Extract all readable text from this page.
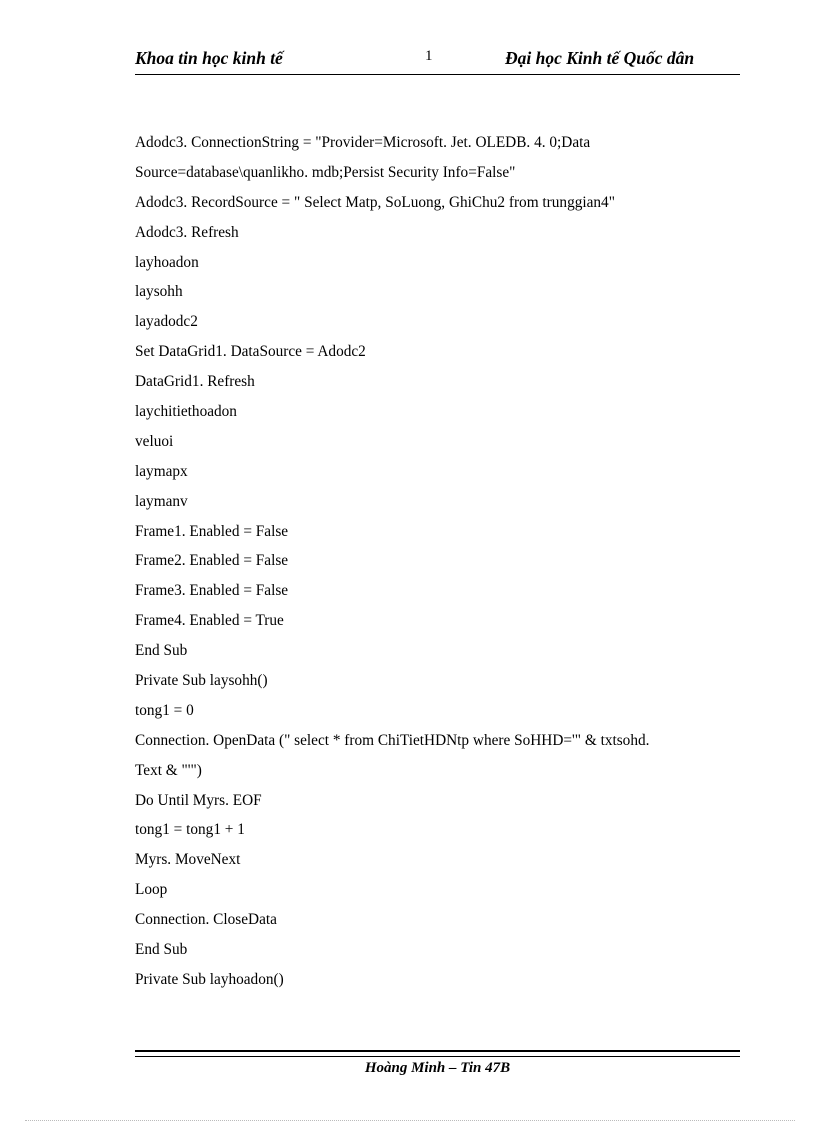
Khoa tin học kinh tế	1	Đại học Kinh tế Quốc dân
Adodc3. ConnectionString = "Provider=Microsoft. Jet. OLEDB. 4. 0;Data
Source=database\quanlikho. mdb;Persist Security Info=False"
Adodc3. RecordSource = " Select Matp, SoLuong, GhiChu2 from trunggian4"
Adodc3. Refresh
layhoadon
laysohh
layadodc2
Set DataGrid1. DataSource = Adodc2
DataGrid1. Refresh
laychitiethoadon
veluoi
laymapx
laymanv
Frame1. Enabled = False
Frame2. Enabled = False
Frame3. Enabled = False
Frame4. Enabled = True
End Sub
Private Sub laysohh()
tong1 = 0
Connection. OpenData (" select * from ChiTietHDNtp where SoHHD='" & txtsohd.
Text & "'")
Do Until Myrs. EOF
tong1 = tong1 + 1
Myrs. MoveNext
Loop
Connection. CloseData
End Sub
Private Sub layhoadon()
Hoàng Minh – Tin 47B
